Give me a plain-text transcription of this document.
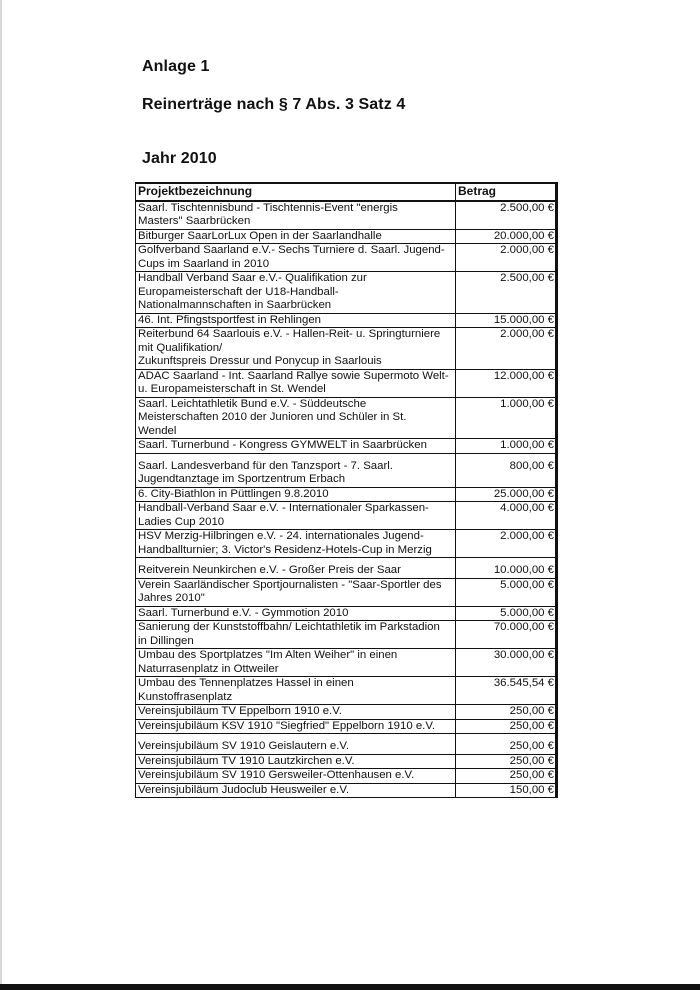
Anlage 1
Reinerträge nach § 7 Abs. 3 Satz 4
Jahr 2010
Projektbezeichnung	Betrag

Saarl. Tischtennisbund - Tischtennis-Event "energis
Masters" Saarbrücken	2.500,00 €

Bitburger SaarLorLux Open in der Saarlandhalle	20.000,00 €

Golfverband Saarland e.V.- Sechs Turniere d. Saarl. Jugend-
Cups im Saarland in 2010	2.000,00 €

Handball Verband Saar e.V.- Qualifikation zur
Europameisterschaft der U18-Handball-
Nationalmannschaften in Saarbrücken	2.500,00 €

46. Int. Pfingstsportfest in Rehlingen	15.000,00 €

Reiterbund 64 Saarlouis e.V. - Hallen-Reit- u. Springturniere
mit Qualifikation/
Zukunftspreis Dressur und Ponycup in Saarlouis	2.000,00 €

ADAC Saarland - Int. Saarland Rallye sowie Supermoto Welt-
u. Europameisterschaft in St. Wendel	12.000,00 €

Saarl. Leichtathletik Bund e.V. - Süddeutsche
Meisterschaften 2010 der Junioren und Schüler in St.
Wendel	1.000,00 €

Saarl. Turnerbund - Kongress GYMWELT in Saarbrücken	1.000,00 €

Saarl. Landesverband für den Tanzsport - 7. Saarl.
Jugendtanztage im Sportzentrum Erbach	800,00 €

6. City-Biathlon in Püttlingen 9.8.2010	25.000,00 €

Handball-Verband Saar e.V. - Internationaler Sparkassen-
Ladies Cup 2010	4.000,00 €

HSV Merzig-Hilbringen e.V. - 24. internationales Jugend-
Handballturnier; 3. Victor's Residenz-Hotels-Cup in Merzig	2.000,00 €

Reitverein Neunkirchen e.V. - Großer Preis der Saar	10.000,00 €

Verein Saarländischer Sportjournalisten - "Saar-Sportler des
Jahres 2010"	5.000,00 €

Saarl. Turnerbund e.V. - Gymmotion 2010	5.000,00 €

Sanierung der Kunststoffbahn/ Leichtathletik im Parkstadion
in Dillingen	70.000,00 €

Umbau des Sportplatzes "Im Alten Weiher" in einen
Naturrasenplatz in Ottweiler	30.000,00 €

Umbau des Tennenplatzes Hassel in einen
Kunstoffrasenplatz	36.545,54 €

Vereinsjubiläum TV Eppelborn 1910 e.V.	250,00 €

Vereinsjubiläum KSV 1910 "Siegfried" Eppelborn 1910 e.V.	250,00 €

Vereinsjubiläum SV 1910 Geislautern e.V.	250,00 €

Vereinsjubiläum TV 1910 Lautzkirchen e.V.	250,00 €

Vereinsjubiläum SV 1910 Gersweiler-Ottenhausen e.V.	250,00 €

Vereinsjubiläum Judoclub Heusweiler e.V.	150,00 €
